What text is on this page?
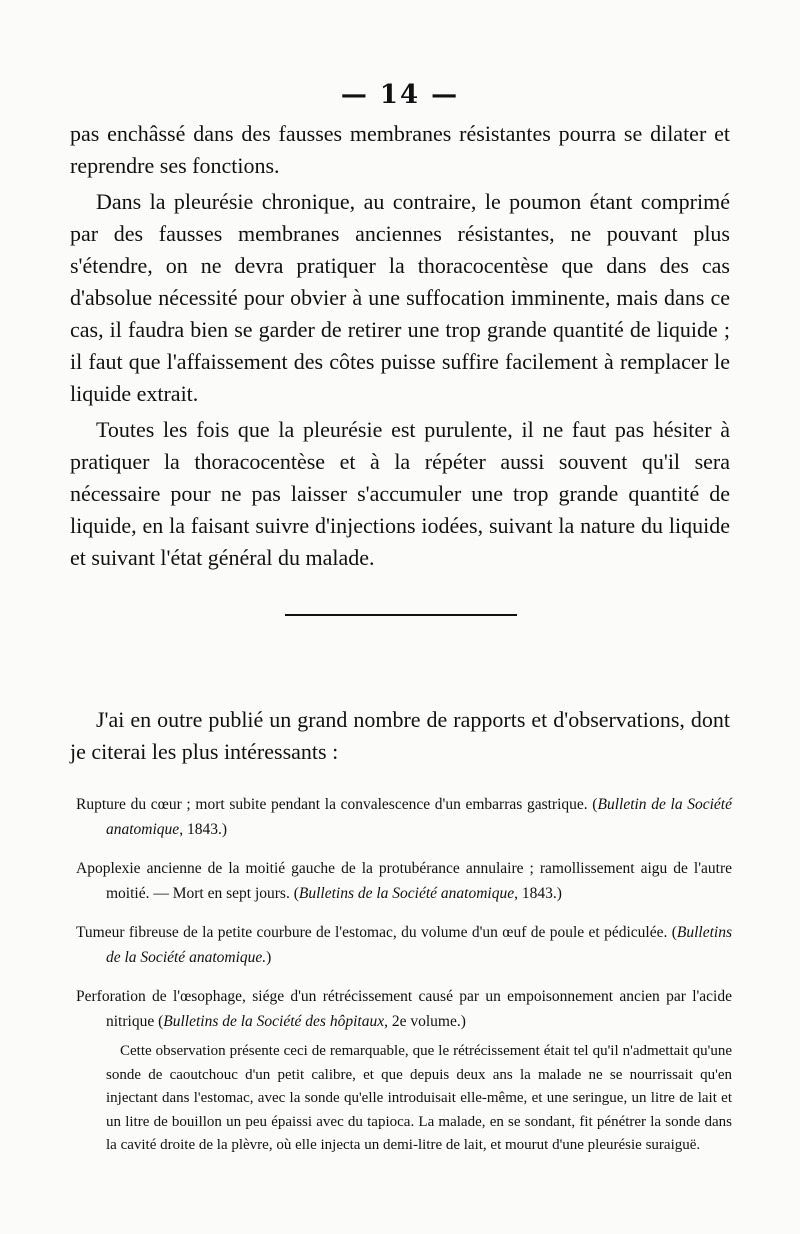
— 14 —

pas enchâssé dans des fausses membranes résistantes pourra se dilater et reprendre ses fonctions.

Dans la pleurésie chronique, au contraire, le poumon étant comprimé par des fausses membranes anciennes résistantes, ne pouvant plus s'étendre, on ne devra pratiquer la thoracocentèse que dans des cas d'absolue nécessité pour obvier à une suffocation imminente, mais dans ce cas, il faudra bien se garder de retirer une trop grande quantité de liquide ; il faut que l'affaissement des côtes puisse suffire facilement à remplacer le liquide extrait.

Toutes les fois que la pleurésie est purulente, il ne faut pas hésiter à pratiquer la thoracocentèse et à la répéter aussi souvent qu'il sera nécessaire pour ne pas laisser s'accumuler une trop grande quantité de liquide, en la faisant suivre d'injections iodées, suivant la nature du liquide et suivant l'état général du malade.

J'ai en outre publié un grand nombre de rapports et d'observations, dont je citerai les plus intéressants :
Rupture du cœur ; mort subite pendant la convalescence d'un embarras gastrique. (Bulletin de la Société anatomique, 1843.)
Apoplexie ancienne de la moitié gauche de la protubérance annulaire ; ramollissement aigu de l'autre moitié. — Mort en sept jours. (Bulletins de la Société anatomique, 1843.)
Tumeur fibreuse de la petite courbure de l'estomac, du volume d'un œuf de poule et pédiculée. (Bulletins de la Société anatomique.)
Perforation de l'œsophage, siége d'un rétrécissement causé par un empoisonnement ancien par l'acide nitrique (Bulletins de la Société des hôpitaux, 2e volume.)
Cette observation présente ceci de remarquable, que le rétrécissement était tel qu'il n'admettait qu'une sonde de caoutchouc d'un petit calibre, et que depuis deux ans la malade ne se nourrissait qu'en injectant dans l'estomac, avec la sonde qu'elle introduisait elle-même, et une seringue, un litre de lait et un litre de bouillon un peu épaissi avec du tapioca. La malade, en se sondant, fit pénétrer la sonde dans la cavité droite de la plèvre, où elle injecta un demi-litre de lait, et mourut d'une pleurésie suraiguë.
